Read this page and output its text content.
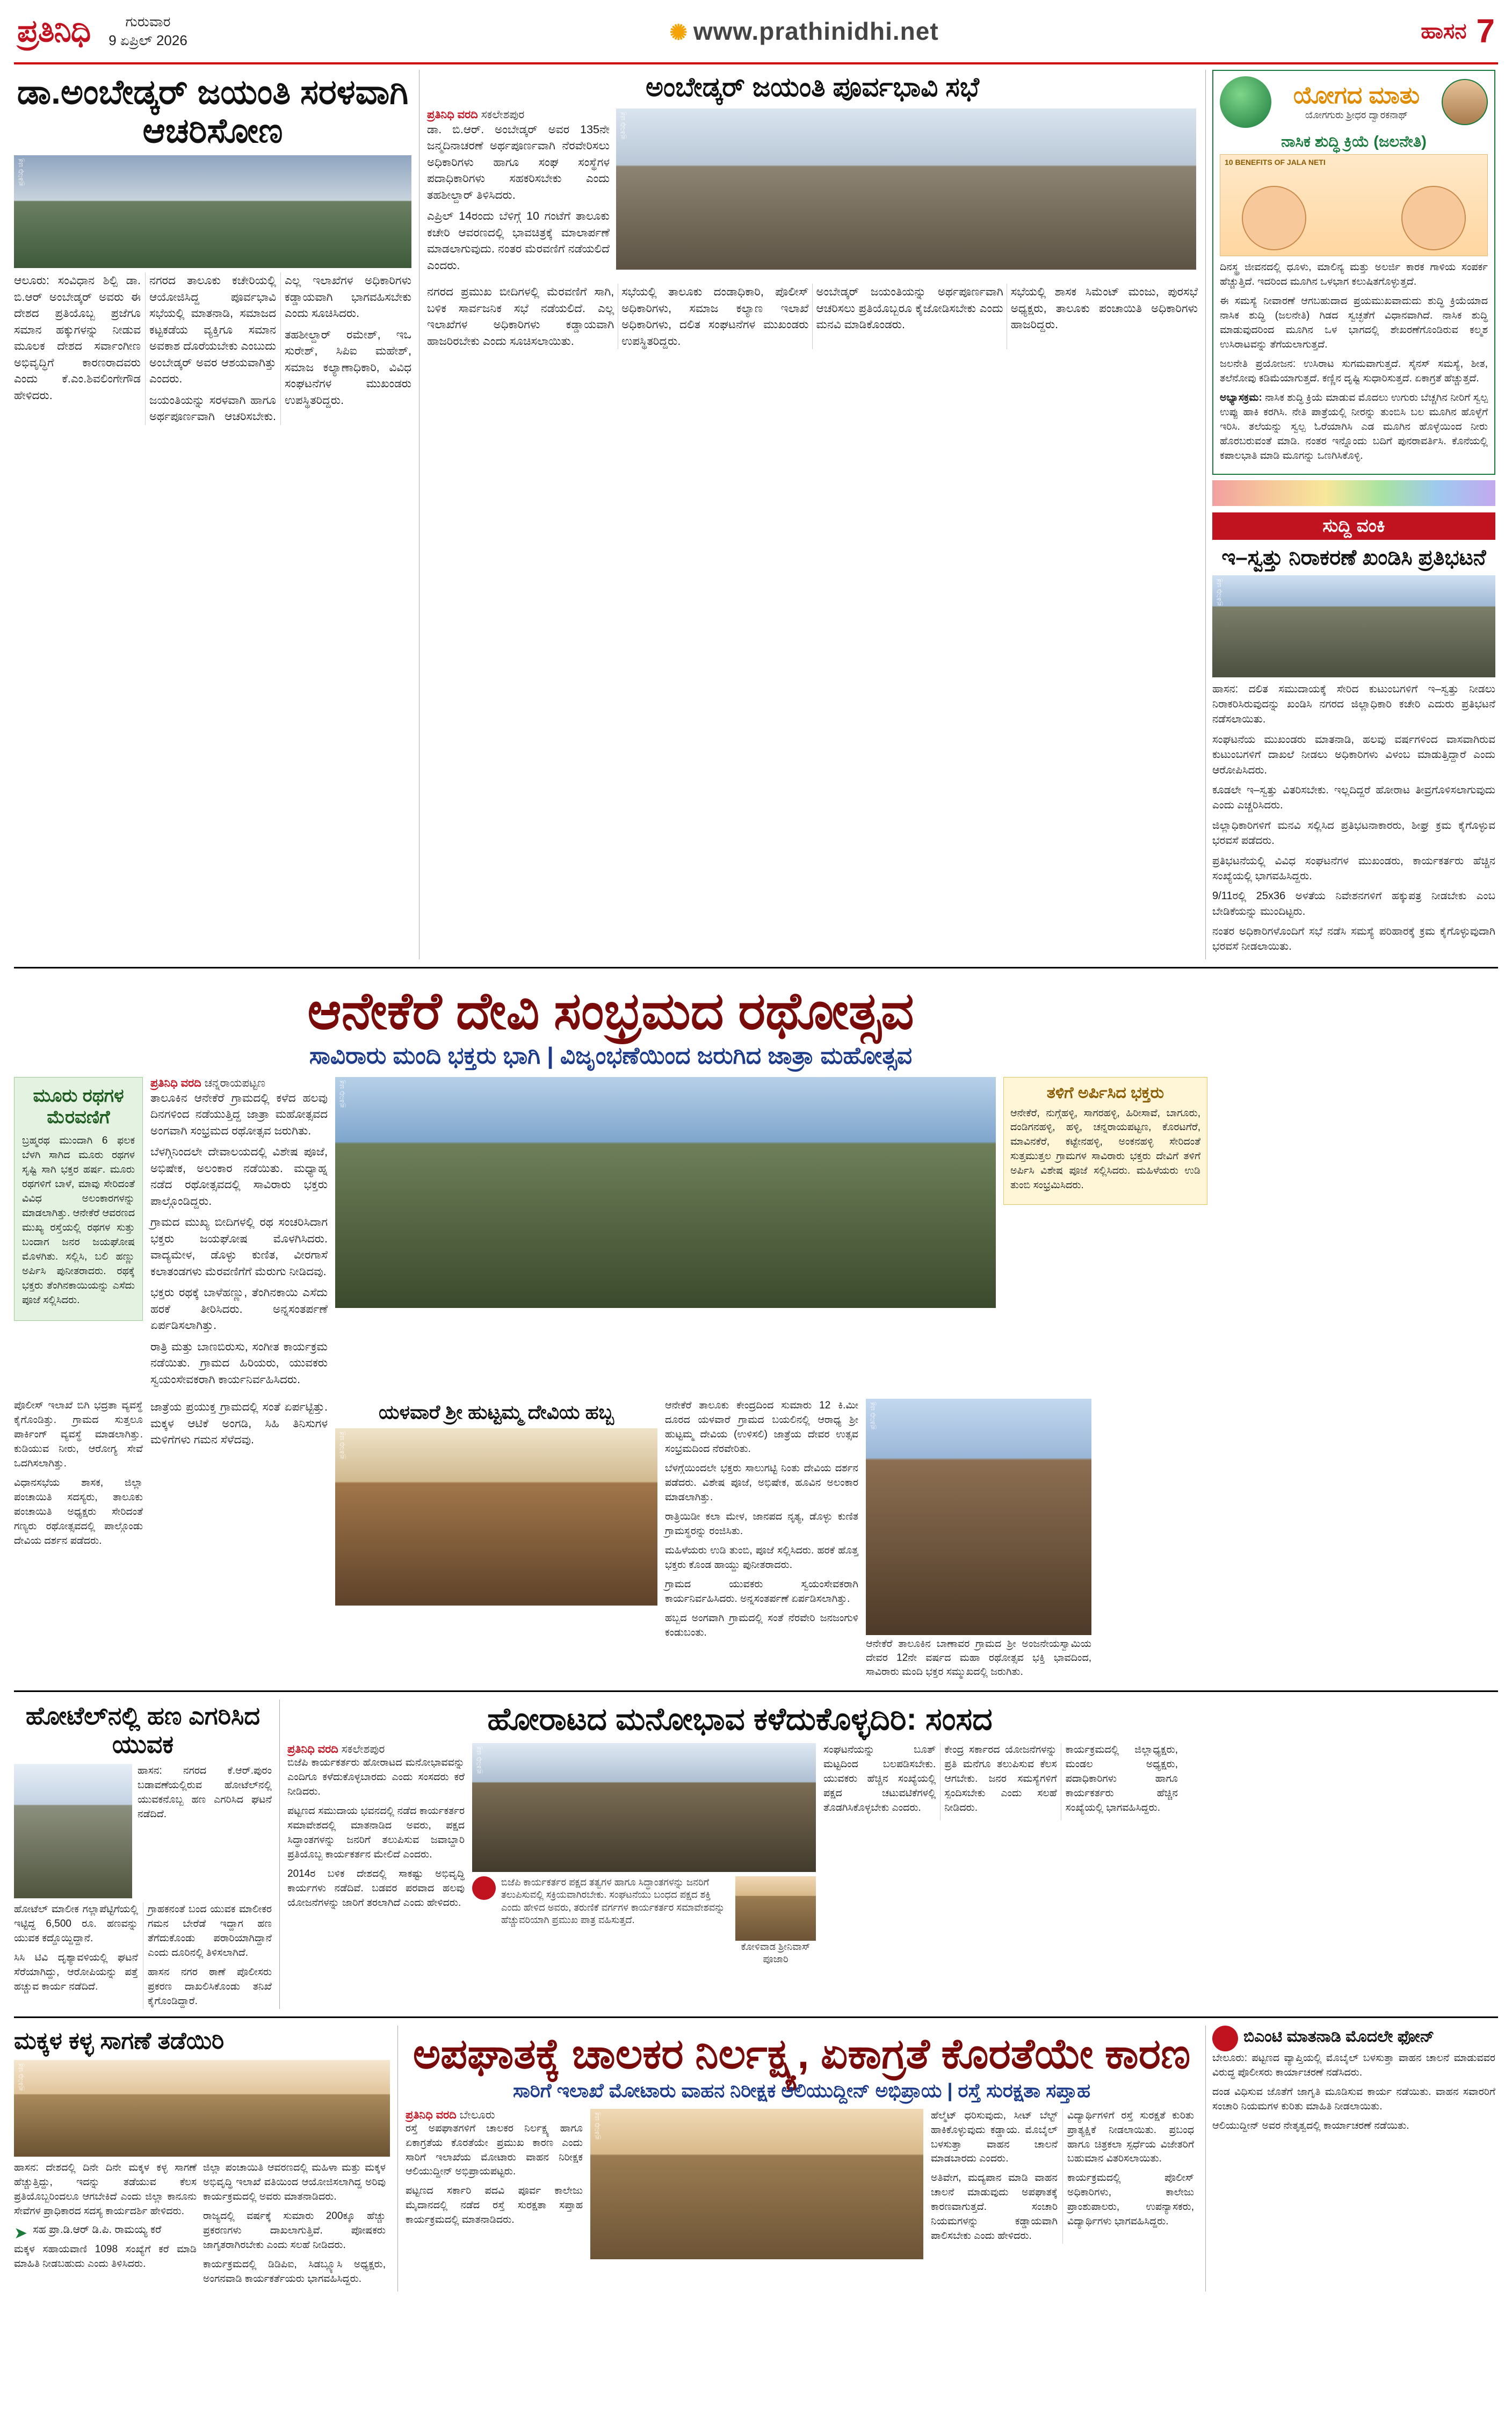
ಪ್ರತಿನಿಧಿ	ಗುರುವಾರ
9 ಏಪ್ರಿಲ್ 2026	✺ www.prathinidhi.net	ಹಾಸನ 7
ಡಾ.ಅಂಬೇಡ್ಕರ್ ಜಯಂತಿ ಸರಳವಾಗಿ ಆಚರಿಸೋಣ
ಪ್ರತಿನಿಧಿ ಚಿತ್ರ

ಆಲೂರು: ಸಂವಿಧಾನ ಶಿಲ್ಪಿ ಡಾ. ಬಿ.ಆರ್ ಅಂಬೇಡ್ಕರ್ ಅವರು ಈ ದೇಶದ ಪ್ರತಿಯೊಬ್ಬ ಪ್ರಜೆಗೂ ಸಮಾನ ಹಕ್ಕುಗಳನ್ನು ನೀಡುವ ಮೂಲಕ ದೇಶದ ಸರ್ವಾಂಗೀಣ ಅಭಿವೃದ್ಧಿಗೆ ಕಾರಣರಾದವರು ಎಂದು ಕೆ.ಎಂ.ಶಿವಲಿಂಗೇಗೌಡ ಹೇಳಿದರು.

ನಗರದ ತಾಲೂಕು ಕಚೇರಿಯಲ್ಲಿ ಆಯೋಜಿಸಿದ್ದ ಪೂರ್ವಭಾವಿ ಸಭೆಯಲ್ಲಿ ಮಾತನಾಡಿ, ಸಮಾಜದ ಕಟ್ಟಕಡೆಯ ವ್ಯಕ್ತಿಗೂ ಸಮಾನ ಅವಕಾಶ ದೊರೆಯಬೇಕು ಎಂಬುದು ಅಂಬೇಡ್ಕರ್ ಅವರ ಆಶಯವಾಗಿತ್ತು ಎಂದರು.

ಜಯಂತಿಯನ್ನು ಸರಳವಾಗಿ ಹಾಗೂ ಅರ್ಥಪೂರ್ಣವಾಗಿ ಆಚರಿಸಬೇಕು. ಎಲ್ಲ ಇಲಾಖೆಗಳ ಅಧಿಕಾರಿಗಳು ಕಡ್ಡಾಯವಾಗಿ ಭಾಗವಹಿಸಬೇಕು ಎಂದು ಸೂಚಿಸಿದರು.

ತಹಶೀಲ್ದಾರ್ ರಮೇಶ್, ಇಒ ಸುರೇಶ್, ಸಿಪಿಐ ಮಹೇಶ್, ಸಮಾಜ ಕಲ್ಯಾಣಾಧಿಕಾರಿ, ವಿವಿಧ ಸಂಘಟನೆಗಳ ಮುಖಂಡರು ಉಪಸ್ಥಿತರಿದ್ದರು.

ಅಂಬೇಡ್ಕರ್ ಜಯಂತಿ ಪೂರ್ವಭಾವಿ ಸಭೆ
ಪ್ರತಿನಿಧಿ ವರದಿ ಸಕಲೇಶಪುರ

ಡಾ. ಬಿ.ಆರ್. ಅಂಬೇಡ್ಕರ್ ಅವರ 135ನೇ ಜನ್ಮದಿನಾಚರಣೆ ಅರ್ಥಪೂರ್ಣವಾಗಿ ನೆರವೇರಿಸಲು ಅಧಿಕಾರಿಗಳು ಹಾಗೂ ಸಂಘ ಸಂಸ್ಥೆಗಳ ಪದಾಧಿಕಾರಿಗಳು ಸಹಕರಿಸಬೇಕು ಎಂದು ತಹಶೀಲ್ದಾರ್ ತಿಳಿಸಿದರು.

ಎಪ್ರಿಲ್ 14ರಂದು ಬೆಳಿಗ್ಗೆ 10 ಗಂಟೆಗೆ ತಾಲೂಕು ಕಚೇರಿ ಆವರಣದಲ್ಲಿ ಭಾವಚಿತ್ರಕ್ಕೆ ಮಾಲಾರ್ಪಣೆ ಮಾಡಲಾಗುವುದು. ನಂತರ ಮೆರವಣಿಗೆ ನಡೆಯಲಿದೆ ಎಂದರು.

ಪ್ರತಿನಿಧಿ ಚಿತ್ರ

ನಗರದ ಪ್ರಮುಖ ಬೀದಿಗಳಲ್ಲಿ ಮೆರವಣಿಗೆ ಸಾಗಿ, ಬಳಿಕ ಸಾರ್ವಜನಿಕ ಸಭೆ ನಡೆಯಲಿದೆ. ಎಲ್ಲ ಇಲಾಖೆಗಳ ಅಧಿಕಾರಿಗಳು ಕಡ್ಡಾಯವಾಗಿ ಹಾಜರಿರಬೇಕು ಎಂದು ಸೂಚಿಸಲಾಯಿತು.

ಸಭೆಯಲ್ಲಿ ತಾಲೂಕು ದಂಡಾಧಿಕಾರಿ, ಪೊಲೀಸ್ ಅಧಿಕಾರಿಗಳು, ಸಮಾಜ ಕಲ್ಯಾಣ ಇಲಾಖೆ ಅಧಿಕಾರಿಗಳು, ದಲಿತ ಸಂಘಟನೆಗಳ ಮುಖಂಡರು ಉಪಸ್ಥಿತರಿದ್ದರು.

ಅಂಬೇಡ್ಕರ್ ಜಯಂತಿಯನ್ನು ಅರ್ಥಪೂರ್ಣವಾಗಿ ಆಚರಿಸಲು ಪ್ರತಿಯೊಬ್ಬರೂ ಕೈಜೋಡಿಸಬೇಕು ಎಂದು ಮನವಿ ಮಾಡಿಕೊಂಡರು.

ಸಭೆಯಲ್ಲಿ ಶಾಸಕ ಸಿಮೆಂಟ್ ಮಂಜು, ಪುರಸಭೆ ಅಧ್ಯಕ್ಷರು, ತಾಲೂಕು ಪಂಚಾಯಿತಿ ಅಧಿಕಾರಿಗಳು ಹಾಜರಿದ್ದರು.

ಯೋಗದ ಮಾತು
ಯೋಗಗುರು ಶ್ರೀಧರ ದ್ವಾರಕನಾಥ್
ನಾಸಿಕ ಶುದ್ಧಿ ಕ್ರಿಯೆ (ಜಲನೇತಿ)
10 BENEFITS OF JALA NETI

ದಿನಸ್ಥ್ರ ಜೀವನದಲ್ಲಿ ಧೂಳು, ಮಾಲಿನ್ಯ ಮತ್ತು ಅಲರ್ಜಿ ಕಾರಕ ಗಾಳಿಯ ಸಂಪರ್ಕ ಹೆಚ್ಚುತ್ತಿದೆ. ಇದರಿಂದ ಮೂಗಿನ ಒಳಭಾಗ ಕಲುಷಿತಗೊಳ್ಳುತ್ತದೆ.

ಈ ಸಮಸ್ಯೆ ನೀವಾರಣೆ ಆಗಬಹುದಾದ ಪ್ರಯಮುಖವಾದುದು ಶುದ್ಧಿ ಕ್ರಿಯೆಯಾದ ನಾಸಿಕ ಶುದ್ಧಿ (ಜಲನೇತಿ) ಗಿಡದ ಸ್ವಚ್ಛತೆಗೆ ವಿಧಾನವಾಗಿದೆ. ನಾಸಿಕ ಶುದ್ಧಿ ಮಾಡುವುದರಿಂದ ಮೂಗಿನ ಒಳ ಭಾಗದಲ್ಲಿ ಶೇಖರಣೆಗೊಂಡಿರುವ ಕಲ್ಮಶ ಉಸಿರಾಟವನ್ನು ತೆಗೆಯಲಾಗುತ್ತದೆ.

ಜಲನೇತಿ ಪ್ರಯೋಜನ: ಉಸಿರಾಟ ಸುಗಮವಾಗುತ್ತದೆ. ಸೈನಸ್ ಸಮಸ್ಯೆ, ಶೀತ, ತಲೆನೋವು ಕಡಿಮೆಯಾಗುತ್ತದೆ. ಕಣ್ಣಿನ ದೃಷ್ಟಿ ಸುಧಾರಿಸುತ್ತದೆ. ಏಕಾಗ್ರತೆ ಹೆಚ್ಚುತ್ತದೆ.

ಅಭ್ಯಾಸಕ್ರಮ: ನಾಸಿಕ ಶುದ್ಧಿ ಕ್ರಿಯೆ ಮಾಡುವ ಮೊದಲು ಉಗುರು ಬೆಚ್ಚಗಿನ ನೀರಿಗೆ ಸ್ವಲ್ಪ ಉಪ್ಪು ಹಾಕಿ ಕರಗಿಸಿ. ನೇತಿ ಪಾತ್ರೆಯಲ್ಲಿ ನೀರನ್ನು ತುಂಬಿಸಿ ಬಲ ಮೂಗಿನ ಹೊಳ್ಳೆಗೆ ಇರಿಸಿ. ತಲೆಯನ್ನು ಸ್ವಲ್ಪ ಓರೆಯಾಗಿಸಿ ಎಡ ಮೂಗಿನ ಹೊಳ್ಳೆಯಿಂದ ನೀರು ಹೊರಬರುವಂತೆ ಮಾಡಿ. ನಂತರ ಇನ್ನೊಂದು ಬದಿಗೆ ಪುನರಾವರ್ತಿಸಿ. ಕೊನೆಯಲ್ಲಿ ಕಪಾಲಭಾತಿ ಮಾಡಿ ಮೂಗನ್ನು ಒಣಗಿಸಿಕೊಳ್ಳಿ.

ಸುದ್ದಿ ವಂಕಿ
ಇ–ಸ್ವತ್ತು ನಿರಾಕರಣೆ ಖಂಡಿಸಿ ಪ್ರತಿಭಟನೆ
ಪ್ರತಿನಿಧಿ ಚಿತ್ರ

ಹಾಸನ: ದಲಿತ ಸಮುದಾಯಕ್ಕೆ ಸೇರಿದ ಕುಟುಂಬಗಳಿಗೆ ಇ–ಸ್ವತ್ತು ನೀಡಲು ನಿರಾಕರಿಸಿರುವುದನ್ನು ಖಂಡಿಸಿ ನಗರದ ಜಿಲ್ಲಾಧಿಕಾರಿ ಕಚೇರಿ ಎದುರು ಪ್ರತಿಭಟನೆ ನಡೆಸಲಾಯಿತು.

ಸಂಘಟನೆಯ ಮುಖಂಡರು ಮಾತನಾಡಿ, ಹಲವು ವರ್ಷಗಳಿಂದ ವಾಸವಾಗಿರುವ ಕುಟುಂಬಗಳಿಗೆ ದಾಖಲೆ ನೀಡಲು ಅಧಿಕಾರಿಗಳು ವಿಳಂಬ ಮಾಡುತ್ತಿದ್ದಾರೆ ಎಂದು ಆರೋಪಿಸಿದರು.

ಕೂಡಲೇ ಇ–ಸ್ವತ್ತು ವಿತರಿಸಬೇಕು. ಇಲ್ಲದಿದ್ದರೆ ಹೋರಾಟ ತೀವ್ರಗೊಳಿಸಲಾಗುವುದು ಎಂದು ಎಚ್ಚರಿಸಿದರು.

ಜಿಲ್ಲಾಧಿಕಾರಿಗಳಿಗೆ ಮನವಿ ಸಲ್ಲಿಸಿದ ಪ್ರತಿಭಟನಾಕಾರರು, ಶೀಘ್ರ ಕ್ರಮ ಕೈಗೊಳ್ಳುವ ಭರವಸೆ ಪಡೆದರು.

ಪ್ರತಿಭಟನೆಯಲ್ಲಿ ವಿವಿಧ ಸಂಘಟನೆಗಳ ಮುಖಂಡರು, ಕಾರ್ಯಕರ್ತರು ಹೆಚ್ಚಿನ ಸಂಖ್ಯೆಯಲ್ಲಿ ಭಾಗವಹಿಸಿದ್ದರು.

9/11ರಲ್ಲಿ 25x36 ಅಳತೆಯ ನಿವೇಶನಗಳಿಗೆ ಹಕ್ಕುಪತ್ರ ನೀಡಬೇಕು ಎಂಬ ಬೇಡಿಕೆಯನ್ನು ಮುಂದಿಟ್ಟರು.

ನಂತರ ಅಧಿಕಾರಿಗಳೊಂದಿಗೆ ಸಭೆ ನಡೆಸಿ ಸಮಸ್ಯೆ ಪರಿಹಾರಕ್ಕೆ ಕ್ರಮ ಕೈಗೊಳ್ಳುವುದಾಗಿ ಭರವಸೆ ನೀಡಲಾಯಿತು.

ಆನೇಕೆರೆ ದೇವಿ ಸಂಭ್ರಮದ ರಥೋತ್ಸವ
ಸಾವಿರಾರು ಮಂದಿ ಭಕ್ತರು ಭಾಗಿ | ವಿಜೃಂಭಣೆಯಿಂದ ಜರುಗಿದ ಜಾತ್ರಾ ಮಹೋತ್ಸವ
ಮೂರು ರಥಗಳ ಮೆರವಣಿಗೆ

ಬ್ರಹ್ಮರಥ ಮುಂದಾಗಿ 6 ಫಲಕ ಬೆಳಗಿ ಸಾಗಿದ ಮೂರು ರಥಗಳ ಸೃಷ್ಟಿ ಸಾಗಿ ಭಕ್ತರ ಹರ್ಷ. ಮೂರು ರಥಗಳಿಗೆ ಬಾಳೆ, ಮಾವು ಸೇರಿದಂತೆ ವಿವಿಧ ಅಲಂಕಾರಗಳನ್ನು ಮಾಡಲಾಗಿತ್ತು. ಆನೇಕೆರೆ ಆವರಣದ ಮುಖ್ಯ ರಸ್ತೆಯಲ್ಲಿ ರಥಗಳ ಸುತ್ತು ಬಂದಾಗ ಜನರ ಜಯಘೋಷ ಮೊಳಗಿತು. ಸಲ್ಲಿಸಿ, ಬಲಿ ಹಣ್ಣು ಅರ್ಪಿಸಿ ಪುನೀತರಾದರು. ರಥಕ್ಕೆ ಭಕ್ತರು ತೆಂಗಿನಕಾಯಿಯನ್ನು ಎಸೆದು ಪೂಜೆ ಸಲ್ಲಿಸಿದರು.

ಪ್ರತಿನಿಧಿ ವರದಿ ಚನ್ನರಾಯಪಟ್ಟಣ

ತಾಲೂಕಿನ ಆನೇಕೆರೆ ಗ್ರಾಮದಲ್ಲಿ ಕಳೆದ ಹಲವು ದಿನಗಳಿಂದ ನಡೆಯುತ್ತಿದ್ದ ಜಾತ್ರಾ ಮಹೋತ್ಸವದ ಅಂಗವಾಗಿ ಸಂಭ್ರಮದ ರಥೋತ್ಸವ ಜರುಗಿತು.

ಬೆಳಗ್ಗಿನಿಂದಲೇ ದೇವಾಲಯದಲ್ಲಿ ವಿಶೇಷ ಪೂಜೆ, ಅಭಿಷೇಕ, ಅಲಂಕಾರ ನಡೆಯಿತು. ಮಧ್ಯಾಹ್ನ ನಡೆದ ರಥೋತ್ಸವದಲ್ಲಿ ಸಾವಿರಾರು ಭಕ್ತರು ಪಾಲ್ಗೊಂಡಿದ್ದರು.

ಗ್ರಾಮದ ಮುಖ್ಯ ಬೀದಿಗಳಲ್ಲಿ ರಥ ಸಂಚರಿಸಿದಾಗ ಭಕ್ತರು ಜಯಘೋಷ ಮೊಳಗಿಸಿದರು. ವಾದ್ಯಮೇಳ, ಡೊಳ್ಳು ಕುಣಿತ, ವೀರಗಾಸೆ ಕಲಾತಂಡಗಳು ಮೆರವಣಿಗೆಗೆ ಮೆರುಗು ನೀಡಿದವು.

ಭಕ್ತರು ರಥಕ್ಕೆ ಬಾಳೆಹಣ್ಣು, ತೆಂಗಿನಕಾಯಿ ಎಸೆದು ಹರಕೆ ತೀರಿಸಿದರು. ಅನ್ನಸಂತರ್ಪಣೆ ಏರ್ಪಡಿಸಲಾಗಿತ್ತು.

ರಾತ್ರಿ ಮತ್ತು ಬಾಣಬಿರುಸು, ಸಂಗೀತ ಕಾರ್ಯಕ್ರಮ ನಡೆಯಿತು. ಗ್ರಾಮದ ಹಿರಿಯರು, ಯುವಕರು ಸ್ವಯಂಸೇವಕರಾಗಿ ಕಾರ್ಯನಿರ್ವಹಿಸಿದರು.

ಪ್ರತಿನಿಧಿ ಚಿತ್ರ	ತಳಿಗೆ ಅರ್ಪಿಸಿದ ಭಕ್ತರು

ಆನೇಕೆರೆ, ನುಗ್ಗೆಹಳ್ಳಿ, ಸಾಗರಹಳ್ಳಿ, ಹಿರೀಸಾವೆ, ಬಾಗೂರು, ದಂಡಿಗನಹಳ್ಳಿ, ಹಳ್ಳಿ, ಚನ್ನರಾಯಪಟ್ಟಣ, ಕೊರಟಗೆರೆ, ಮಾವಿನಕೆರೆ, ಕಟ್ಟೇನಹಳ್ಳಿ, ಅಂಕನಹಳ್ಳಿ ಸೇರಿದಂತೆ ಸುತ್ತಮುತ್ತಲ ಗ್ರಾಮಗಳ ಸಾವಿರಾರು ಭಕ್ತರು ದೇವಿಗೆ ತಳಿಗೆ ಅರ್ಪಿಸಿ ವಿಶೇಷ ಪೂಜೆ ಸಲ್ಲಿಸಿದರು. ಮಹಿಳೆಯರು ಉಡಿ ತುಂಬಿ ಸಂಭ್ರಮಿಸಿದರು.

ಪೊಲೀಸ್ ಇಲಾಖೆ ಬಿಗಿ ಭದ್ರತಾ ವ್ಯವಸ್ಥೆ ಕೈಗೊಂಡಿತ್ತು. ಗ್ರಾಮದ ಸುತ್ತಲೂ ಪಾರ್ಕಿಂಗ್ ವ್ಯವಸ್ಥೆ ಮಾಡಲಾಗಿತ್ತು. ಕುಡಿಯುವ ನೀರು, ಆರೋಗ್ಯ ಸೇವೆ ಒದಗಿಸಲಾಗಿತ್ತು.

ವಿಧಾನಸಭೆಯ ಶಾಸಕ, ಜಿಲ್ಲಾ ಪಂಚಾಯಿತಿ ಸದಸ್ಯರು, ತಾಲೂಕು ಪಂಚಾಯಿತಿ ಅಧ್ಯಕ್ಷರು ಸೇರಿದಂತೆ ಗಣ್ಯರು ರಥೋತ್ಸವದಲ್ಲಿ ಪಾಲ್ಗೊಂಡು ದೇವಿಯ ದರ್ಶನ ಪಡೆದರು.

ಜಾತ್ರೆಯ ಪ್ರಯುಕ್ತ ಗ್ರಾಮದಲ್ಲಿ ಸಂತೆ ಏರ್ಪಟ್ಟಿತ್ತು. ಮಕ್ಕಳ ಆಟಿಕೆ ಅಂಗಡಿ, ಸಿಹಿ ತಿನಿಸುಗಳ ಮಳಿಗೆಗಳು ಗಮನ ಸೆಳೆದವು.

ಯಳವಾರೆ ಶ್ರೀ ಹುಟ್ಟಮ್ಮ ದೇವಿಯ ಹಬ್ಬ
ಪ್ರತಿನಿಧಿ ಚಿತ್ರ

ಆನೇಕೆರೆ ತಾಲೂಕು ಕೇಂದ್ರದಿಂದ ಸುಮಾರು 12 ಕಿ.ಮೀ ದೂರದ ಯಳವಾರೆ ಗ್ರಾಮದ ಬಯಲಿನಲ್ಲಿ ಆರಾಧ್ಯ ಶ್ರೀ ಹುಟ್ಟಮ್ಮ ದೇವಿಯ (ಉಳಿಸಲಿ) ಜಾತ್ರೆಯ ದೇವರ ಉತ್ಸವ ಸಂಭ್ರಮದಿಂದ ನೆರವೇರಿತು.

ಬೆಳಗ್ಗೆಯಿಂದಲೇ ಭಕ್ತರು ಸಾಲುಗಟ್ಟಿ ನಿಂತು ದೇವಿಯ ದರ್ಶನ ಪಡೆದರು. ವಿಶೇಷ ಪೂಜೆ, ಅಭಿಷೇಕ, ಹೂವಿನ ಅಲಂಕಾರ ಮಾಡಲಾಗಿತ್ತು.

ರಾತ್ರಿಯಿಡೀ ಕಲಾ ಮೇಳ, ಜಾನಪದ ನೃತ್ಯ, ಡೊಳ್ಳು ಕುಣಿತ ಗ್ರಾಮಸ್ಥರನ್ನು ರಂಜಿಸಿತು.

ಮಹಿಳೆಯರು ಉಡಿ ತುಂಬಿ, ಪೂಜೆ ಸಲ್ಲಿಸಿದರು. ಹರಕೆ ಹೊತ್ತ ಭಕ್ತರು ಕೊಂಡ ಹಾಯ್ದು ಪುನೀತರಾದರು.

ಗ್ರಾಮದ ಯುವಕರು ಸ್ವಯಂಸೇವಕರಾಗಿ ಕಾರ್ಯನಿರ್ವಹಿಸಿದರು. ಅನ್ನಸಂತರ್ಪಣೆ ಏರ್ಪಡಿಸಲಾಗಿತ್ತು.

ಹಬ್ಬದ ಅಂಗವಾಗಿ ಗ್ರಾಮದಲ್ಲಿ ಸಂತೆ ನೆರವೇರಿ ಜನಜಂಗುಳಿ ಕಂಡುಬಂತು.

ಪ್ರತಿನಿಧಿ ಚಿತ್ರ
ಆನೇಕೆರೆ ತಾಲೂಕಿನ ಬಾಣಾವರ ಗ್ರಾಮದ ಶ್ರೀ ಅಂಜನೇಯಸ್ವಾಮಿಯ ದೇವರ 12ನೇ ವರ್ಷದ ಮಹಾ ರಥೋತ್ಸವ ಭಕ್ತಿ ಭಾವದಿಂದ, ಸಾವಿರಾರು ಮಂದಿ ಭಕ್ತರ ಸಮ್ಮುಖದಲ್ಲಿ ಜರುಗಿತು.
ಹೋಟೆಲ್‌ನಲ್ಲಿ ಹಣ ಎಗರಿಸಿದ ಯುವಕ

ಹಾಸನ: ನಗರದ ಕೆ.ಆರ್.ಪುರಂ ಬಡಾವಣೆಯಲ್ಲಿರುವ ಹೋಟೆಲ್‌ನಲ್ಲಿ ಯುವಕನೊಬ್ಬ ಹಣ ಎಗರಿಸಿದ ಘಟನೆ ನಡೆದಿದೆ.

ಹೋಟೆಲ್ ಮಾಲೀಕ ಗಲ್ಲಾಪೆಟ್ಟಿಗೆಯಲ್ಲಿ ಇಟ್ಟಿದ್ದ 6,500 ರೂ. ಹಣವನ್ನು ಯುವಕ ಕದ್ದೊಯ್ದಿದ್ದಾನೆ.

ಸಿಸಿ ಟಿವಿ ದೃಶ್ಯಾವಳಿಯಲ್ಲಿ ಘಟನೆ ಸೆರೆಯಾಗಿದ್ದು, ಆರೋಪಿಯನ್ನು ಪತ್ತೆ ಹಚ್ಚುವ ಕಾರ್ಯ ನಡೆದಿದೆ.

ಗ್ರಾಹಕನಂತೆ ಬಂದ ಯುವಕ ಮಾಲೀಕರ ಗಮನ ಬೇರೆಡೆ ಇದ್ದಾಗ ಹಣ ತೆಗೆದುಕೊಂಡು ಪರಾರಿಯಾಗಿದ್ದಾನೆ ಎಂದು ದೂರಿನಲ್ಲಿ ತಿಳಿಸಲಾಗಿದೆ.

ಹಾಸನ ನಗರ ಠಾಣೆ ಪೊಲೀಸರು ಪ್ರಕರಣ ದಾಖಲಿಸಿಕೊಂಡು ತನಿಖೆ ಕೈಗೊಂಡಿದ್ದಾರೆ.

ಹೋರಾಟದ ಮನೋಭಾವ ಕಳೆದುಕೊಳ್ಳದಿರಿ: ಸಂಸದ
ಪ್ರತಿನಿಧಿ ವರದಿ ಸಕಲೇಶಪುರ

ಬಿಜೆಪಿ ಕಾರ್ಯಕರ್ತರು ಹೋರಾಟದ ಮನೋಭಾವವನ್ನು ಎಂದಿಗೂ ಕಳೆದುಕೊಳ್ಳಬಾರದು ಎಂದು ಸಂಸದರು ಕರೆ ನೀಡಿದರು.

ಪಟ್ಟಣದ ಸಮುದಾಯ ಭವನದಲ್ಲಿ ನಡೆದ ಕಾರ್ಯಕರ್ತರ ಸಮಾವೇಶದಲ್ಲಿ ಮಾತನಾಡಿದ ಅವರು, ಪಕ್ಷದ ಸಿದ್ಧಾಂತಗಳನ್ನು ಜನರಿಗೆ ತಲುಪಿಸುವ ಜವಾಬ್ದಾರಿ ಪ್ರತಿಯೊಬ್ಬ ಕಾರ್ಯಕರ್ತನ ಮೇಲಿದೆ ಎಂದರು.

2014ರ ಬಳಿಕ ದೇಶದಲ್ಲಿ ಸಾಕಷ್ಟು ಅಭಿವೃದ್ಧಿ ಕಾರ್ಯಗಳು ನಡೆದಿವೆ. ಬಡವರ ಪರವಾದ ಹಲವು ಯೋಜನೆಗಳನ್ನು ಜಾರಿಗೆ ತರಲಾಗಿದೆ ಎಂದು ಹೇಳಿದರು.

ಪ್ರತಿನಿಧಿ ಚಿತ್ರ
ಬಿಜೆಪಿ ಕಾರ್ಯಕರ್ತರ ಪಕ್ಷದ ತತ್ವಗಳ ಹಾಗೂ ಸಿದ್ಧಾಂತಗಳನ್ನು ಜನರಿಗೆ ತಲುಪಿಸುವಲ್ಲಿ ಸಕ್ರಿಯವಾಗಿರಬೇಕು. ಸಂಘಟನೆಯು ಬಂಧದ ಪಕ್ಷದ ಶಕ್ತಿ ಎಂದು ಹೇಳಿದ ಅವರು, ತರುಣಿಕೆ ವರ್ಗಗಳ ಕಾರ್ಯಕರ್ತರ ಸಮಾವೇಶವನ್ನು ಹೆಚ್ಚುವರಿಯಾಗಿ ಪ್ರಮುಖ ಪಾತ್ರ ವಹಿಸುತ್ತದೆ.
ಕೋಳಿವಾಡ ಶ್ರೀನಿವಾಸ್ ಪೂಜಾರಿ

ಸಂಘಟನೆಯನ್ನು ಬೂತ್ ಮಟ್ಟದಿಂದ ಬಲಪಡಿಸಬೇಕು. ಯುವಕರು ಹೆಚ್ಚಿನ ಸಂಖ್ಯೆಯಲ್ಲಿ ಪಕ್ಷದ ಚಟುವಟಿಕೆಗಳಲ್ಲಿ ತೊಡಗಿಸಿಕೊಳ್ಳಬೇಕು ಎಂದರು.

ಕೇಂದ್ರ ಸರ್ಕಾರದ ಯೋಜನೆಗಳನ್ನು ಪ್ರತಿ ಮನೆಗೂ ತಲುಪಿಸುವ ಕೆಲಸ ಆಗಬೇಕು. ಜನರ ಸಮಸ್ಯೆಗಳಿಗೆ ಸ್ಪಂದಿಸಬೇಕು ಎಂದು ಸಲಹೆ ನೀಡಿದರು.

ಕಾರ್ಯಕ್ರಮದಲ್ಲಿ ಜಿಲ್ಲಾಧ್ಯಕ್ಷರು, ಮಂಡಲ ಅಧ್ಯಕ್ಷರು, ಪದಾಧಿಕಾರಿಗಳು ಹಾಗೂ ಕಾರ್ಯಕರ್ತರು ಹೆಚ್ಚಿನ ಸಂಖ್ಯೆಯಲ್ಲಿ ಭಾಗವಹಿಸಿದ್ದರು.

ಮಕ್ಕಳ ಕಳ್ಳ ಸಾಗಣೆ ತಡೆಯಿರಿ
ಪ್ರತಿನಿಧಿ ಚಿತ್ರ

ಹಾಸನ: ದೇಶದಲ್ಲಿ ದಿನೇ ದಿನೇ ಮಕ್ಕಳ ಕಳ್ಳ ಸಾಗಣೆ ಹೆಚ್ಚುತ್ತಿದ್ದು, ಇದನ್ನು ತಡೆಯುವ ಕೆಲಸ ಪ್ರತಿಯೊಬ್ಬರಿಂದಲೂ ಆಗಬೇಕಿದೆ ಎಂದು ಜಿಲ್ಲಾ ಕಾನೂನು ಸೇವೆಗಳ ಪ್ರಾಧಿಕಾರದ ಸದಸ್ಯ ಕಾರ್ಯದರ್ಶಿ ಹೇಳಿದರು.

➤ ಸಹ ಪ್ರಾ.ಡಿ.ಆರ್ ಡಿ.ಪಿ. ರಾಮಯ್ಯ ಕರೆ

ಮಕ್ಕಳ ಸಹಾಯವಾಣಿ 1098 ಸಂಖ್ಯೆಗೆ ಕರೆ ಮಾಡಿ ಮಾಹಿತಿ ನೀಡಬಹುದು ಎಂದು ತಿಳಿಸಿದರು.

ಜಿಲ್ಲಾ ಪಂಚಾಯಿತಿ ಆವರಣದಲ್ಲಿ ಮಹಿಳಾ ಮತ್ತು ಮಕ್ಕಳ ಅಭಿವೃದ್ಧಿ ಇಲಾಖೆ ವತಿಯಿಂದ ಆಯೋಜಿಸಲಾಗಿದ್ದ ಅರಿವು ಕಾರ್ಯಕ್ರಮದಲ್ಲಿ ಅವರು ಮಾತನಾಡಿದರು.

ರಾಜ್ಯದಲ್ಲಿ ವರ್ಷಕ್ಕೆ ಸುಮಾರು 200ಕ್ಕೂ ಹೆಚ್ಚು ಪ್ರಕರಣಗಳು ದಾಖಲಾಗುತ್ತಿವೆ. ಪೋಷಕರು ಜಾಗೃತರಾಗಿರಬೇಕು ಎಂದು ಸಲಹೆ ನೀಡಿದರು.

ಕಾರ್ಯಕ್ರಮದಲ್ಲಿ ಡಿಡಿಪಿಐ, ಸಿಡಬ್ಲ್ಯೂಸಿ ಅಧ್ಯಕ್ಷರು, ಅಂಗನವಾಡಿ ಕಾರ್ಯಕರ್ತೆಯರು ಭಾಗವಹಿಸಿದ್ದರು.

ಅಪಘಾತಕ್ಕೆ ಚಾಲಕರ ನಿರ್ಲಕ್ಷ್ಯ, ಏಕಾಗ್ರತೆ ಕೊರತೆಯೇ ಕಾರಣ
ಸಾರಿಗೆ ಇಲಾಖೆ ಮೋಟಾರು ವಾಹನ ನಿರೀಕ್ಷಕ ಆಲಿಯುದ್ದೀನ್ ಅಭಿಪ್ರಾಯ | ರಸ್ತೆ ಸುರಕ್ಷತಾ ಸಪ್ತಾಹ
ಪ್ರತಿನಿಧಿ ವರದಿ ಬೇಲೂರು

ರಸ್ತೆ ಅಪಘಾತಗಳಿಗೆ ಚಾಲಕರ ನಿರ್ಲಕ್ಷ್ಯ ಹಾಗೂ ಏಕಾಗ್ರತೆಯ ಕೊರತೆಯೇ ಪ್ರಮುಖ ಕಾರಣ ಎಂದು ಸಾರಿಗೆ ಇಲಾಖೆಯ ಮೋಟಾರು ವಾಹನ ನಿರೀಕ್ಷಕ ಆಲಿಯುದ್ದೀನ್ ಅಭಿಪ್ರಾಯಪಟ್ಟರು.

ಪಟ್ಟಣದ ಸರ್ಕಾರಿ ಪದವಿ ಪೂರ್ವ ಕಾಲೇಜು ಮೈದಾನದಲ್ಲಿ ನಡೆದ ರಸ್ತೆ ಸುರಕ್ಷತಾ ಸಪ್ತಾಹ ಕಾರ್ಯಕ್ರಮದಲ್ಲಿ ಮಾತನಾಡಿದರು.

ಪ್ರತಿನಿಧಿ ಚಿತ್ರ	ಹೆಲ್ಮೆಟ್ ಧರಿಸುವುದು, ಸೀಟ್ ಬೆಲ್ಟ್ ಹಾಕಿಕೊಳ್ಳುವುದು ಕಡ್ಡಾಯ. ಮೊಬೈಲ್ ಬಳಸುತ್ತಾ ವಾಹನ ಚಾಲನೆ ಮಾಡಬಾರದು ಎಂದರು.

ಅತಿವೇಗ, ಮದ್ಯಪಾನ ಮಾಡಿ ವಾಹನ ಚಾಲನೆ ಮಾಡುವುದು ಅಪಘಾತಕ್ಕೆ ಕಾರಣವಾಗುತ್ತದೆ. ಸಂಚಾರಿ ನಿಯಮಗಳನ್ನು ಕಡ್ಡಾಯವಾಗಿ ಪಾಲಿಸಬೇಕು ಎಂದು ಹೇಳಿದರು.

ವಿದ್ಯಾರ್ಥಿಗಳಿಗೆ ರಸ್ತೆ ಸುರಕ್ಷತೆ ಕುರಿತು ಪ್ರಾತ್ಯಕ್ಷಿಕೆ ನೀಡಲಾಯಿತು. ಪ್ರಬಂಧ ಹಾಗೂ ಚಿತ್ರಕಲಾ ಸ್ಪರ್ಧೆಯ ವಿಜೇತರಿಗೆ ಬಹುಮಾನ ವಿತರಿಸಲಾಯಿತು.

ಕಾರ್ಯಕ್ರಮದಲ್ಲಿ ಪೊಲೀಸ್ ಅಧಿಕಾರಿಗಳು, ಕಾಲೇಜು ಪ್ರಾಂಶುಪಾಲರು, ಉಪನ್ಯಾಸಕರು, ವಿದ್ಯಾರ್ಥಿಗಳು ಭಾಗವಹಿಸಿದ್ದರು.

ಬಿಎಂಟಿ ಮಾತನಾಡಿ ಮೊದಲೇ ಫೋನ್

ಬೇಲೂರು: ಪಟ್ಟಣದ ವ್ಯಾಪ್ತಿಯಲ್ಲಿ ಮೊಬೈಲ್ ಬಳಸುತ್ತಾ ವಾಹನ ಚಾಲನೆ ಮಾಡುವವರ ವಿರುದ್ಧ ಪೊಲೀಸರು ಕಾರ್ಯಾಚರಣೆ ನಡೆಸಿದರು.

ದಂಡ ವಿಧಿಸುವ ಜೊತೆಗೆ ಜಾಗೃತಿ ಮೂಡಿಸುವ ಕಾರ್ಯ ನಡೆಯಿತು. ವಾಹನ ಸವಾರರಿಗೆ ಸಂಚಾರಿ ನಿಯಮಗಳ ಕುರಿತು ಮಾಹಿತಿ ನೀಡಲಾಯಿತು.

ಆಲಿಯುದ್ದೀನ್ ಅವರ ನೇತೃತ್ವದಲ್ಲಿ ಕಾರ್ಯಾಚರಣೆ ನಡೆಯಿತು.
